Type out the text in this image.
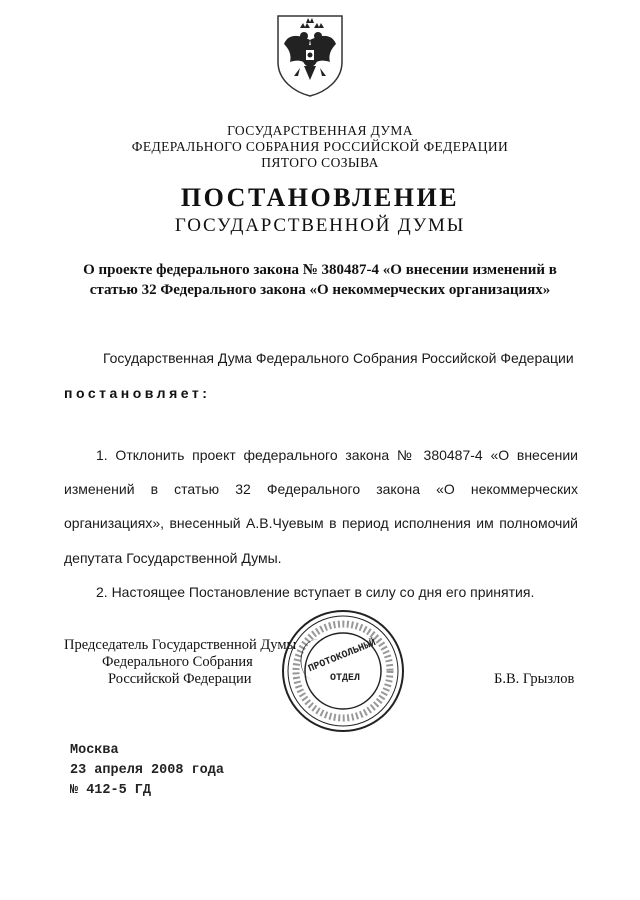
ГОСУДАРСТВЕННАЯ ДУМА
ФЕДЕРАЛЬНОГО СОБРАНИЯ РОССИЙСКОЙ ФЕДЕРАЦИИ
ПЯТОГО СОЗЫВА
ПОСТАНОВЛЕНИЕ
ГОСУДАРСТВЕННОЙ ДУМЫ
О проекте федерального закона № 380487-4 «О внесении изменений в
статью 32 Федерального закона «О некоммерческих организациях»
Государственная Дума Федерального Собрания Российской Федерации
постановляет:
1. Отклонить проект федерального закона № 380487-4 «О внесении
изменений в статью 32 Федерального закона «О некоммерческих
организациях», внесенный А.В.Чуевым в период исполнения им полномочий
депутата Государственной Думы.
2. Настоящее Постановление вступает в силу со дня его принятия.
Председатель Государственной Думы
Федерального Собрания
Российской Федерации	Б.В. Грызлов
ПРОТОКОЛЬНЫЙ
ОТДЕЛ
Москва
23 апреля 2008 года
№ 412-5 ГД
